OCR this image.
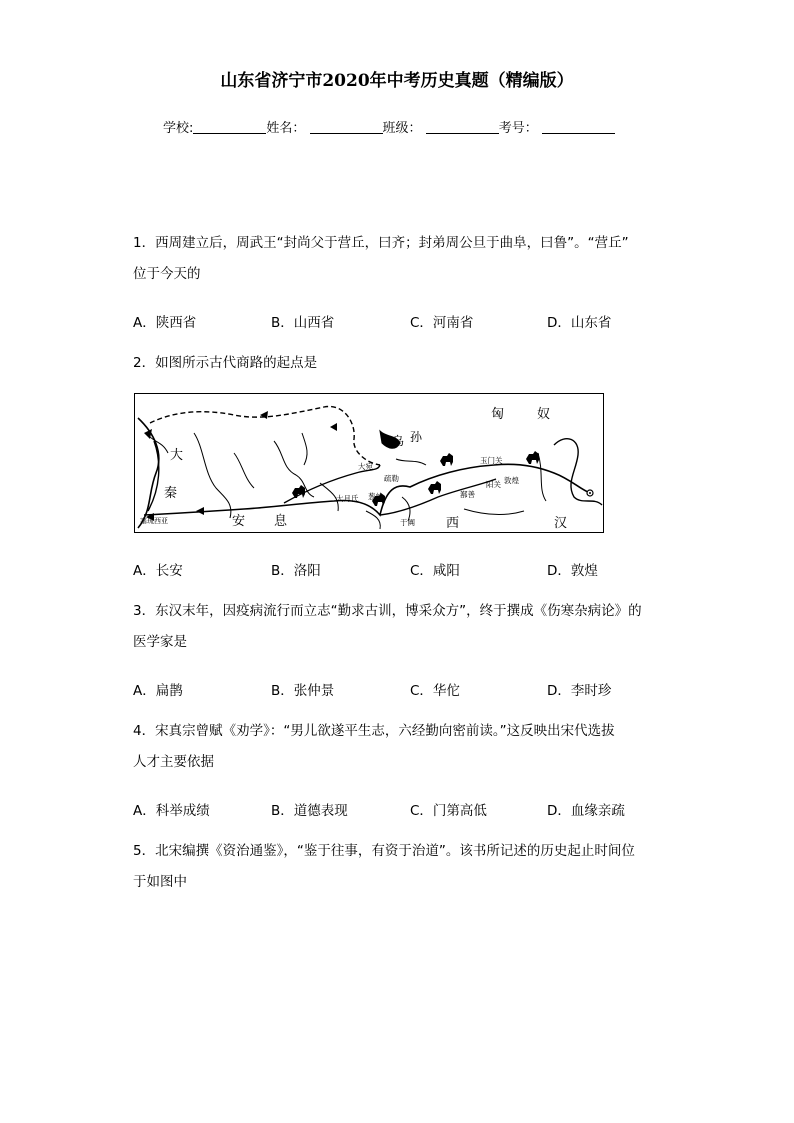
山东省济宁市2020年中考历史真题（精编版）
学校:	姓名：	班级：	考号：
1．西周建立后，周武王“封尚父于营丘，曰齐；封弟周公旦于曲阜，曰鲁”。“营丘”
位于今天的
A．陕西省	B．山西省	C．河南省	D．山东省
2．如图所示古代商路的起点是
匈	奴
乌 孙
大宛
疏勒
大月氏 葱岭
玉门关
阳关 敦煌
鄯善
于阗
大
秦
塞琉西亚	安 息	西	汉
A．长安	B．洛阳	C．咸阳	D．敦煌
3．东汉末年，因疫病流行而立志“勤求古训，博采众方”，终于撰成《伤寒杂病论》的
医学家是
A．扁鹊	B．张仲景	C．华佗	D．李时珍
4．宋真宗曾赋《劝学》：“男儿欲遂平生志，六经勤向密前读。”这反映出宋代选拔
人才主要依据
A．科举成绩	B．道德表现	C．门第高低	D．血缘亲疏
5．北宋编撰《资治通鉴》，“鉴于往事，有资于治道”。该书所记述的历史起止时间位
于如图中
